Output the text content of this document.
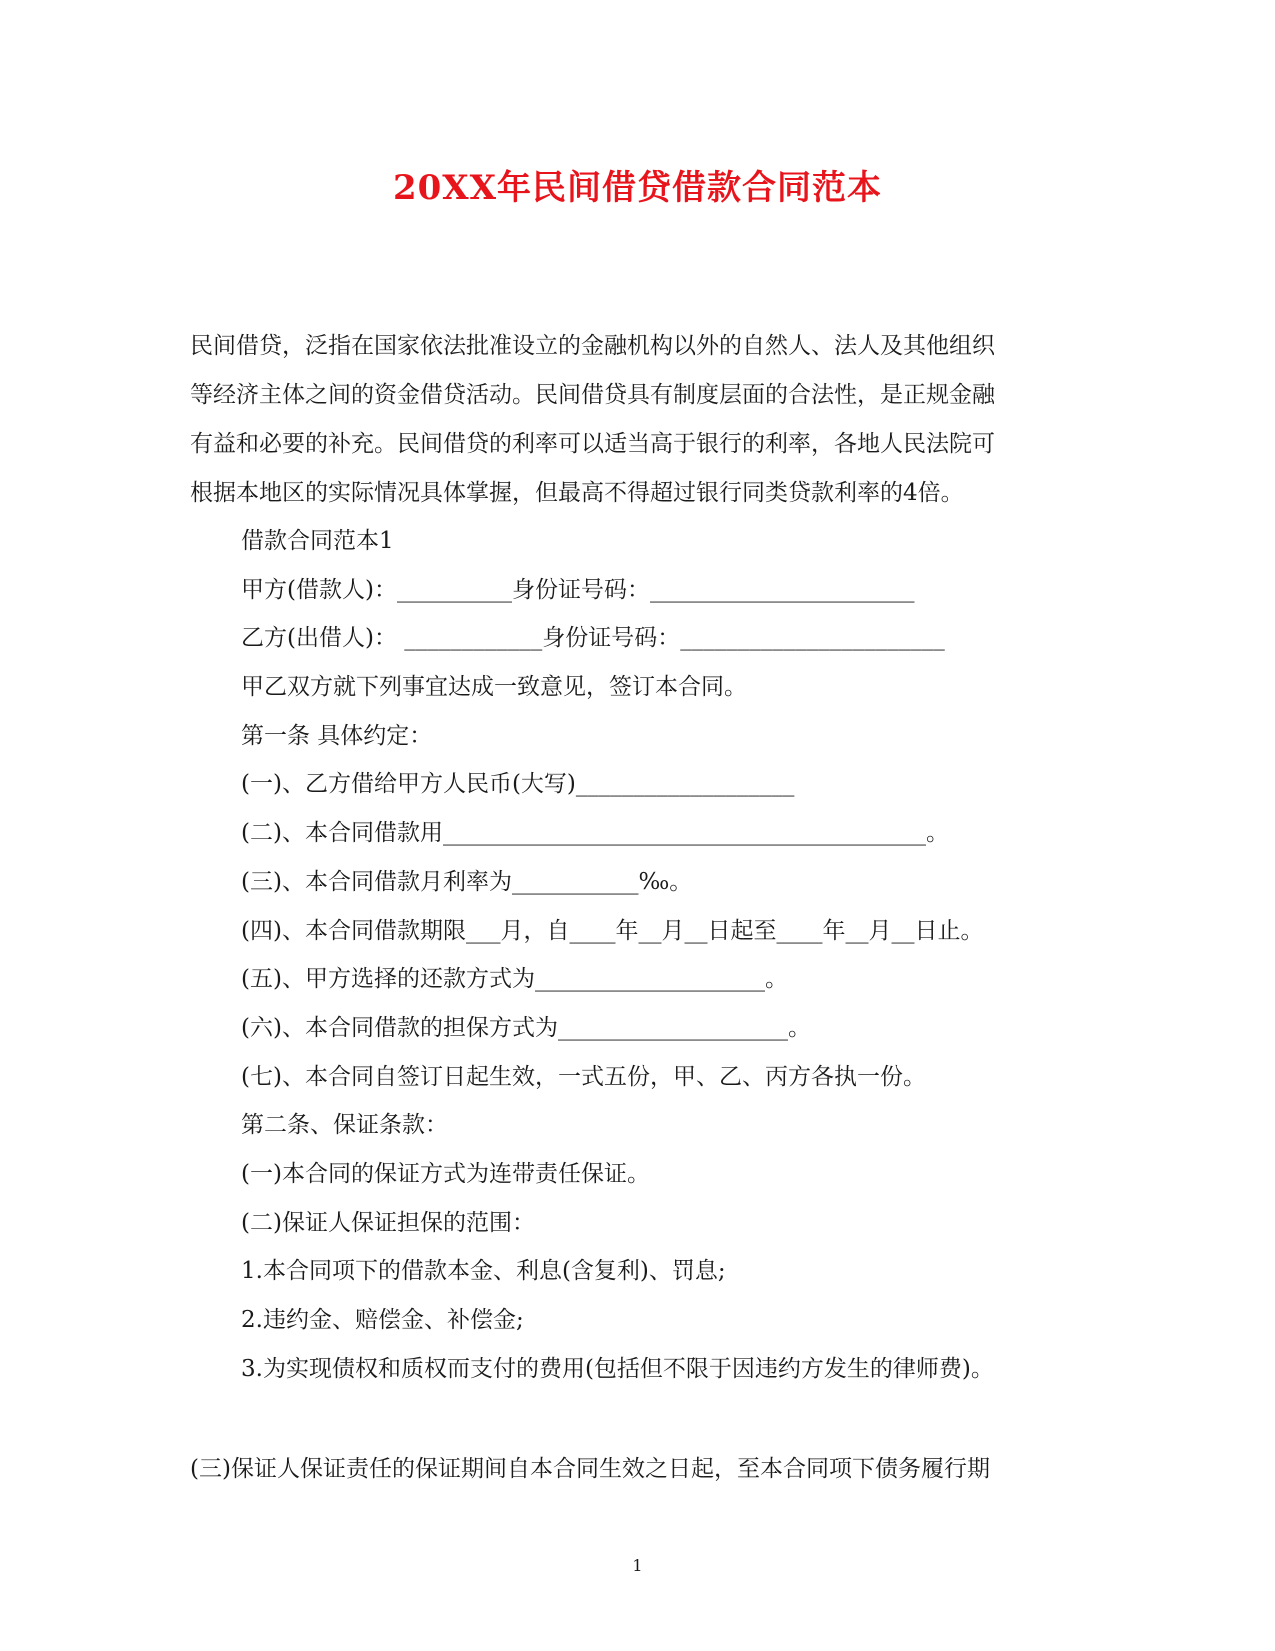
20XX年民间借贷借款合同范本
民间借贷，泛指在国家依法批准设立的金融机构以外的自然人、法人及其他组织
等经济主体之间的资金借贷活动。民间借贷具有制度层面的合法性，是正规金融
有益和必要的补充。民间借贷的利率可以适当高于银行的利率，各地人民法院可
根据本地区的实际情况具体掌握，但最高不得超过银行同类贷款利率的4倍。
借款合同范本1
甲方(借款人)：__________身份证号码：_______________________
乙方(出借人)： ____________身份证号码：_______________________
甲乙双方就下列事宜达成一致意见，签订本合同。
第一条 具体约定：
(一)、乙方借给甲方人民币(大写)___________________
(二)、本合同借款用__________________________________________。
(三)、本合同借款月利率为___________‰。
(四)、本合同借款期限___月，自____年__月__日起至____年__月__日止。
(五)、甲方选择的还款方式为____________________。
(六)、本合同借款的担保方式为____________________。
(七)、本合同自签订日起生效，一式五份，甲、乙、丙方各执一份。
第二条、保证条款：
(一)本合同的保证方式为连带责任保证。
(二)保证人保证担保的范围：
1.本合同项下的借款本金、利息(含复利)、罚息;
2.违约金、赔偿金、补偿金;
3.为实现债权和质权而支付的费用(包括但不限于因违约方发生的律师费)。
(三)保证人保证责任的保证期间自本合同生效之日起，至本合同项下债务履行期
1
